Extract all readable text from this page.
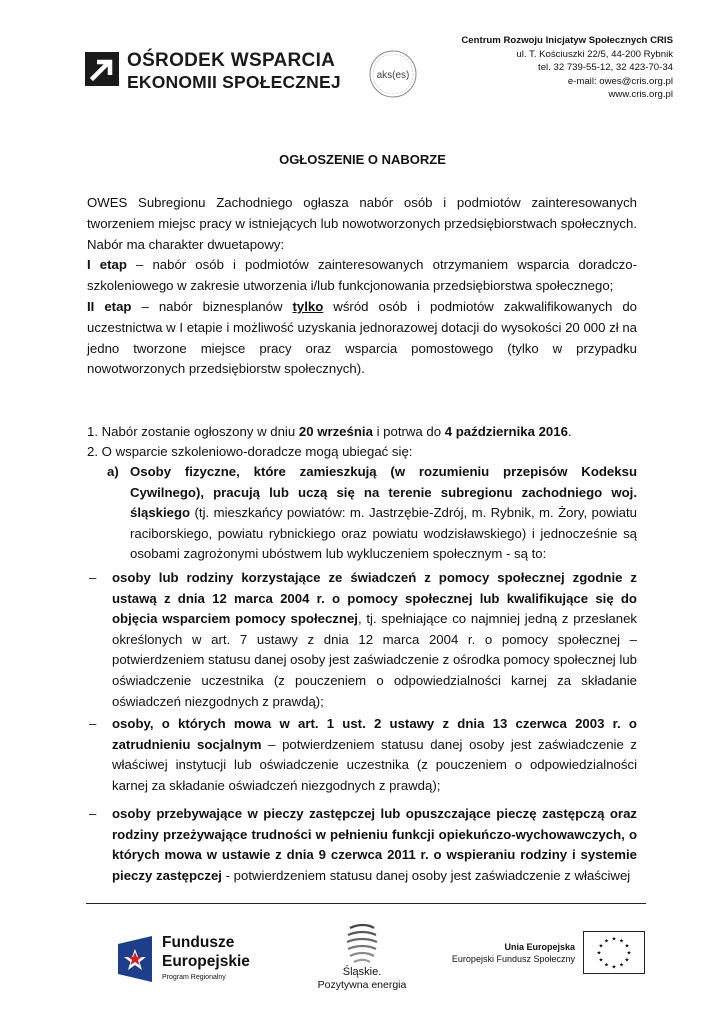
OŚRODEK WSPARCIA
EKONOMII SPOŁECZNEJ	aks(es)
Centrum Rozwoju Inicjatyw Społecznych CRIS
ul. T. Kościuszki 22/5, 44-200 Rybnik
tel. 32 739-55-12, 32 423-70-34
e-mail: owes@cris.org.pl
www.cris.org.pl
OGŁOSZENIE O NABORZE
OWES Subregionu Zachodniego ogłasza nabór osób i podmiotów zainteresowanych tworzeniem miejsc pracy w istniejących lub nowotworzonych przedsiębiorstwach społecznych. Nabór ma charakter dwuetapowy:
I etap – nabór osób i podmiotów zainteresowanych otrzymaniem wsparcia doradczo-szkoleniowego w zakresie utworzenia i/lub funkcjonowania przedsiębiorstwa społecznego;
II etap – nabór biznesplanów tylko wśród osób i podmiotów zakwalifikowanych do uczestnictwa w I etapie i możliwość uzyskania jednorazowej dotacji do wysokości 20 000 zł na jedno tworzone miejsce pracy oraz wsparcia pomostowego (tylko w przypadku nowotworzonych przedsiębiorstw społecznych).
1. Nabór zostanie ogłoszony w dniu 20 września i potrwa do 4 października 2016.
2. O wsparcie szkoleniowo-doradcze mogą ubiegać się:
a) Osoby fizyczne, które zamieszkują (w rozumieniu przepisów Kodeksu Cywilnego), pracują lub uczą się na terenie subregionu zachodniego woj. śląskiego (tj. mieszkańcy powiatów: m. Jastrzębie-Zdrój, m. Rybnik, m. Żory, powiatu raciborskiego, powiatu rybnickiego oraz powiatu wodzisławskiego) i jednocześnie są osobami zagrożonymi ubóstwem lub wykluczeniem społecznym - są to:
– osoby lub rodziny korzystające ze świadczeń z pomocy społecznej zgodnie z ustawą z dnia 12 marca 2004 r. o pomocy społecznej lub kwalifikujące się do objęcia wsparciem pomocy społecznej, tj. spełniające co najmniej jedną z przesłanek określonych w art. 7 ustawy z dnia 12 marca 2004 r. o pomocy społecznej – potwierdzeniem statusu danej osoby jest zaświadczenie z ośrodka pomocy społecznej lub oświadczenie uczestnika (z pouczeniem o odpowiedzialności karnej za składanie oświadczeń niezgodnych z prawdą);
– osoby, o których mowa w art. 1 ust. 2 ustawy z dnia 13 czerwca 2003 r. o zatrudnieniu socjalnym – potwierdzeniem statusu danej osoby jest zaświadczenie z właściwej instytucji lub oświadczenie uczestnika (z pouczeniem o odpowiedzialności karnej za składanie oświadczeń niezgodnych z prawdą);
– osoby przebywające w pieczy zastępczej lub opuszczające pieczę zastępczą oraz rodziny przeżywające trudności w pełnieniu funkcji opiekuńczo-wychowawczych, o których mowa w ustawie z dnia 9 czerwca 2011 r. o wspieraniu rodziny i systemie pieczy zastępczej - potwierdzeniem statusu danej osoby jest zaświadczenie z właściwej
Fundusze
Europejskie
Program Regionalny	Śląskie.
Pozytywna energia
Unia Europejska
Europejski Fundusz Społeczny
★ ★
★
★
★
★
★
★
★
★
★
★
